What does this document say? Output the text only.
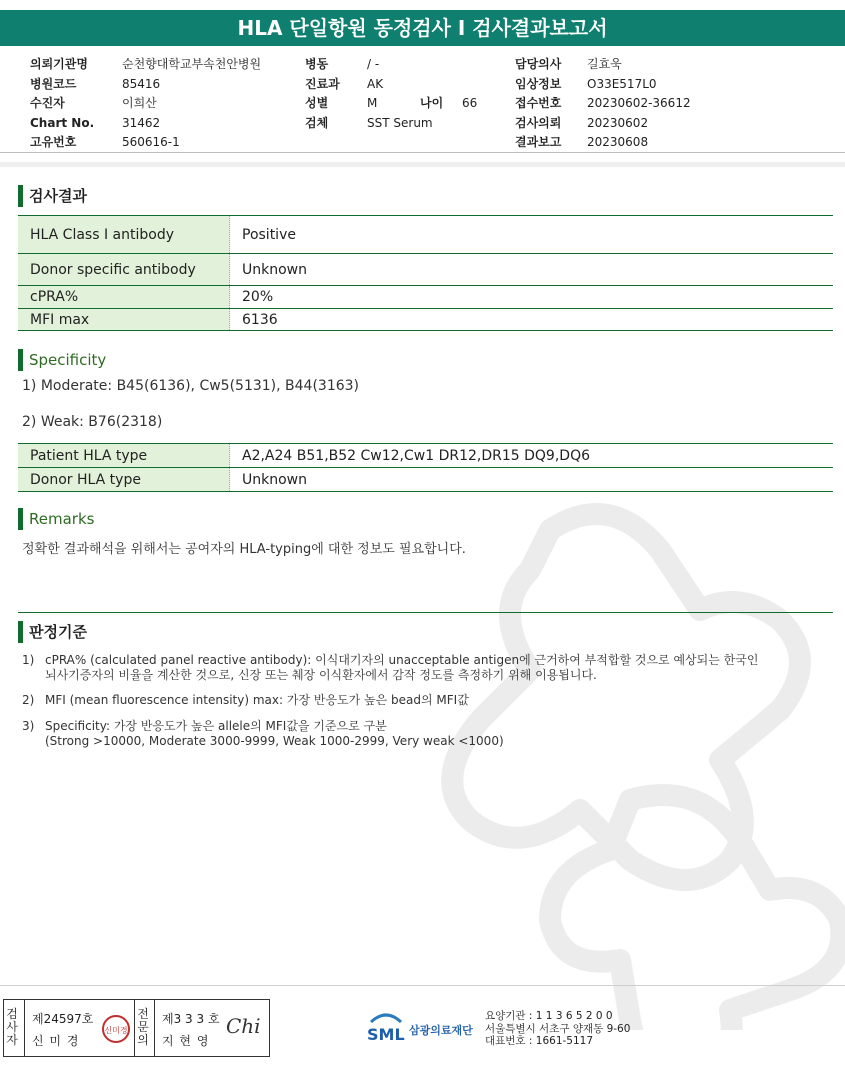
HLA 단일항원 동정검사 I 검사결과보고서
의뢰기관명	순천향대학교부속천안병원
병원코드	85416
수진자	이희산
Chart No. 31462
고유번호	560616-1
병동	/ -
진료과 AK
성별	M	나이 66
검체	SST Serum
담당의사 길효욱
임상정보 O33E517L0
접수번호 20230602-36612
검사의뢰 20230602
결과보고 20230608
검사결과
HLA Class I antibody	Positive
Donor specific antibody	Unknown
cPRA%	20%
MFI max	6136
Specificity
1) Moderate: B45(6136), Cw5(5131), B44(3163)
2) Weak: B76(2318)
Patient HLA type	A2,A24 B51,B52 Cw12,Cw1 DR12,DR15 DQ9,DQ6
Donor HLA type	Unknown
Remarks
정확한 결과해석을 위해서는 공여자의 HLA-typing에 대한 정보도 필요합니다.
판정기준
1) cPRA% (calculated panel reactive antibody): 이식대기자의 unacceptable antigen에 근거하여 부적합할 것으로 예상되는 한국인
뇌사기증자의 비율을 계산한 것으로, 신장 또는 췌장 이식환자에서 감작 정도를 측정하기 위해 이용됩니다.
2) MFI (mean fluorescence intensity) max: 가장 반응도가 높은 bead의 MFI값
3) Specificity: 가장 반응도가 높은 allele의 MFI값을 기준으로 구분
(Strong >10000, Moderate 3000-9999, Weak 1000-2999, Very weak <1000)
검사자
제24597호
신 미 경
신미경
전문의
제3 3 3 호
지 현 영
Chi	SML 삼광의료재단
요양기관 : 1 1 3 6 5 2 0 0
서울특별시 서초구 양재동 9-60
대표번호 : 1661-5117
